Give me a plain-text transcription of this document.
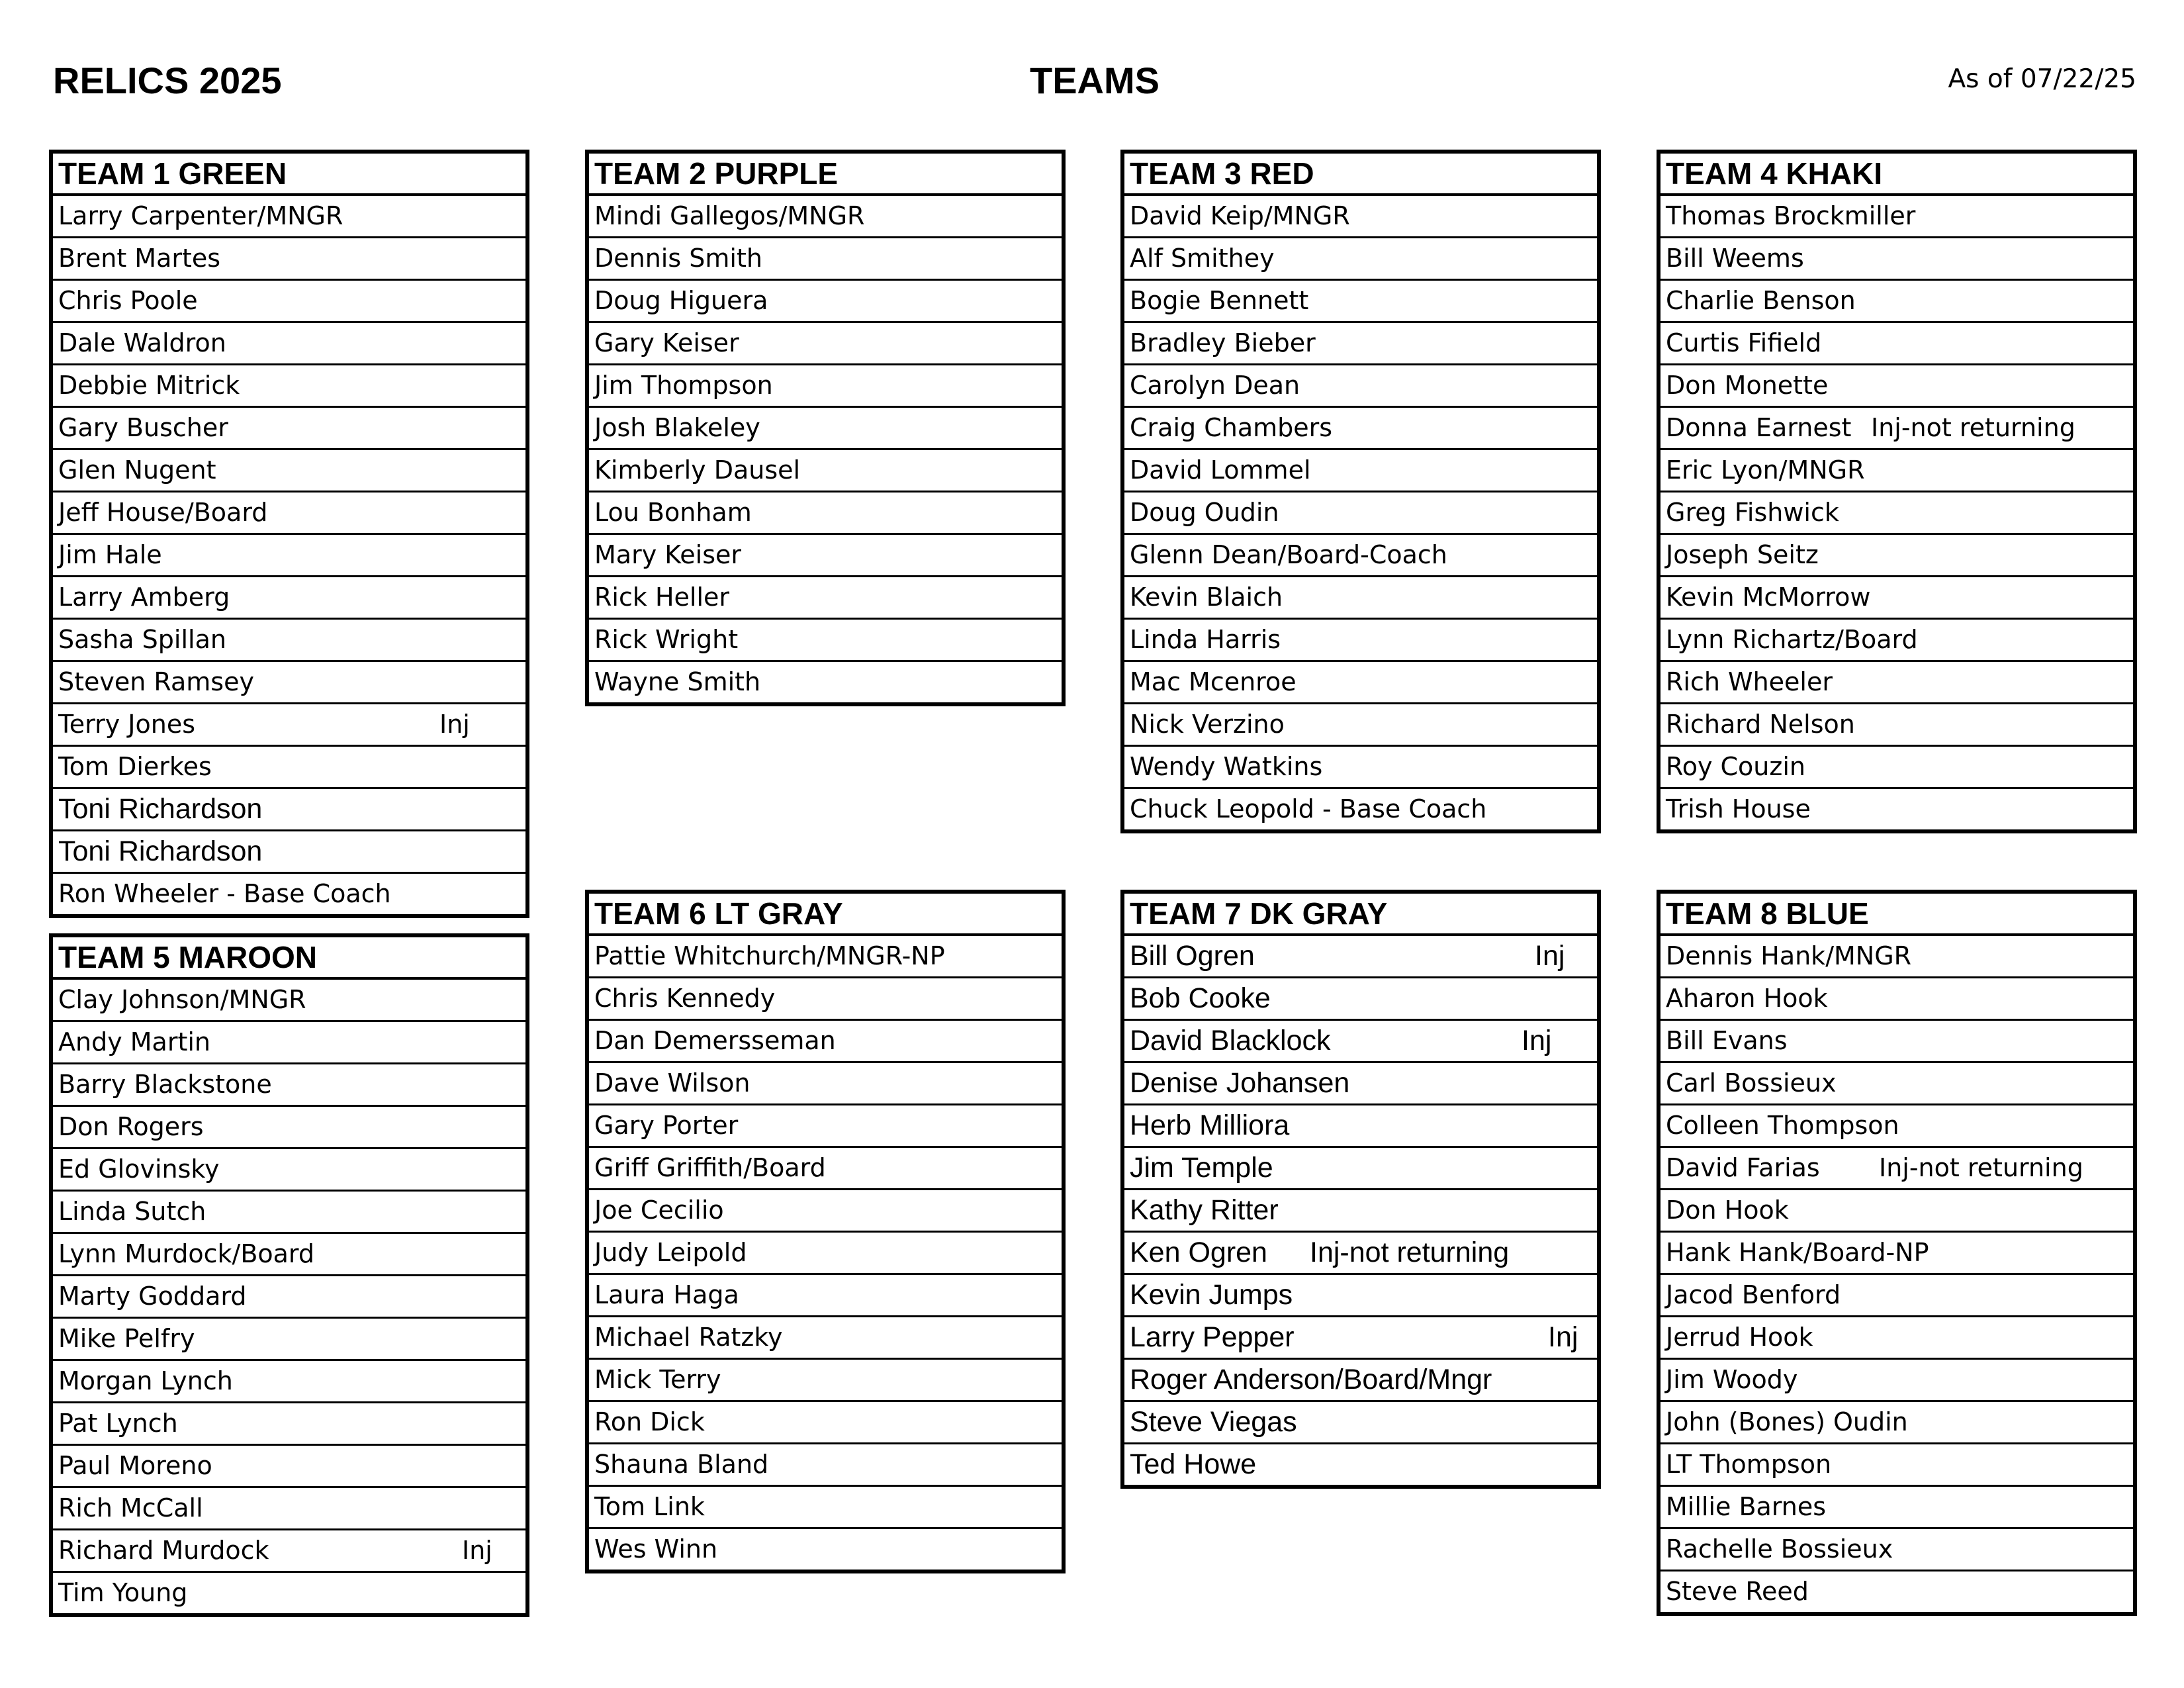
RELICS 2025	TEAMS	As of 07/22/25
TEAM 1 GREEN
Larry Carpenter/MNGR
Brent Martes
Chris Poole
Dale Waldron
Debbie Mitrick
Gary Buscher
Glen Nugent
Jeff House/Board
Jim Hale
Larry Amberg
Sasha Spillan
Steven Ramsey
Terry Jones	Inj
Tom Dierkes
Toni Richardson
Toni Richardson
Ron Wheeler - Base Coach
TEAM 2 PURPLE
Mindi Gallegos/MNGR
Dennis Smith
Doug Higuera
Gary Keiser
Jim Thompson
Josh Blakeley
Kimberly Dausel
Lou Bonham
Mary Keiser
Rick Heller
Rick Wright
Wayne Smith
TEAM 3 RED
David Keip/MNGR
Alf Smithey
Bogie Bennett
Bradley Bieber
Carolyn Dean
Craig Chambers
David Lommel
Doug Oudin
Glenn Dean/Board-Coach
Kevin Blaich
Linda Harris
Mac Mcenroe
Nick Verzino
Wendy Watkins
Chuck Leopold - Base Coach
TEAM 4 KHAKI
Thomas Brockmiller
Bill Weems
Charlie Benson
Curtis Fifield
Don Monette
Donna Earnest Inj-not returning
Eric Lyon/MNGR
Greg Fishwick
Joseph Seitz
Kevin McMorrow
Lynn Richartz/Board
Rich Wheeler
Richard Nelson
Roy Couzin
Trish House
TEAM 5 MAROON
Clay Johnson/MNGR
Andy Martin
Barry Blackstone
Don Rogers
Ed Glovinsky
Linda Sutch
Lynn Murdock/Board
Marty Goddard
Mike Pelfry
Morgan Lynch
Pat Lynch
Paul Moreno
Rich McCall
Richard Murdock	Inj
Tim Young
TEAM 6 LT GRAY
Pattie Whitchurch/MNGR-NP
Chris Kennedy
Dan Demersseman
Dave Wilson
Gary Porter
Griff Griffith/Board
Joe Cecilio
Judy Leipold
Laura Haga
Michael Ratzky
Mick Terry
Ron Dick
Shauna Bland
Tom Link
Wes Winn
TEAM 7 DK GRAY
Bill Ogren	Inj
Bob Cooke
David Blacklock	Inj
Denise Johansen
Herb Milliora
Jim Temple
Kathy Ritter
Ken Ogren Inj-not returning
Kevin Jumps
Larry Pepper	Inj
Roger Anderson/Board/Mngr
Steve Viegas
Ted Howe
TEAM 8 BLUE
Dennis Hank/MNGR
Aharon Hook
Bill Evans
Carl Bossieux
Colleen Thompson
David Farias Inj-not returning
Don Hook
Hank Hank/Board-NP
Jacod Benford
Jerrud Hook
Jim Woody
John (Bones) Oudin
LT Thompson
Millie Barnes
Rachelle Bossieux
Steve Reed
